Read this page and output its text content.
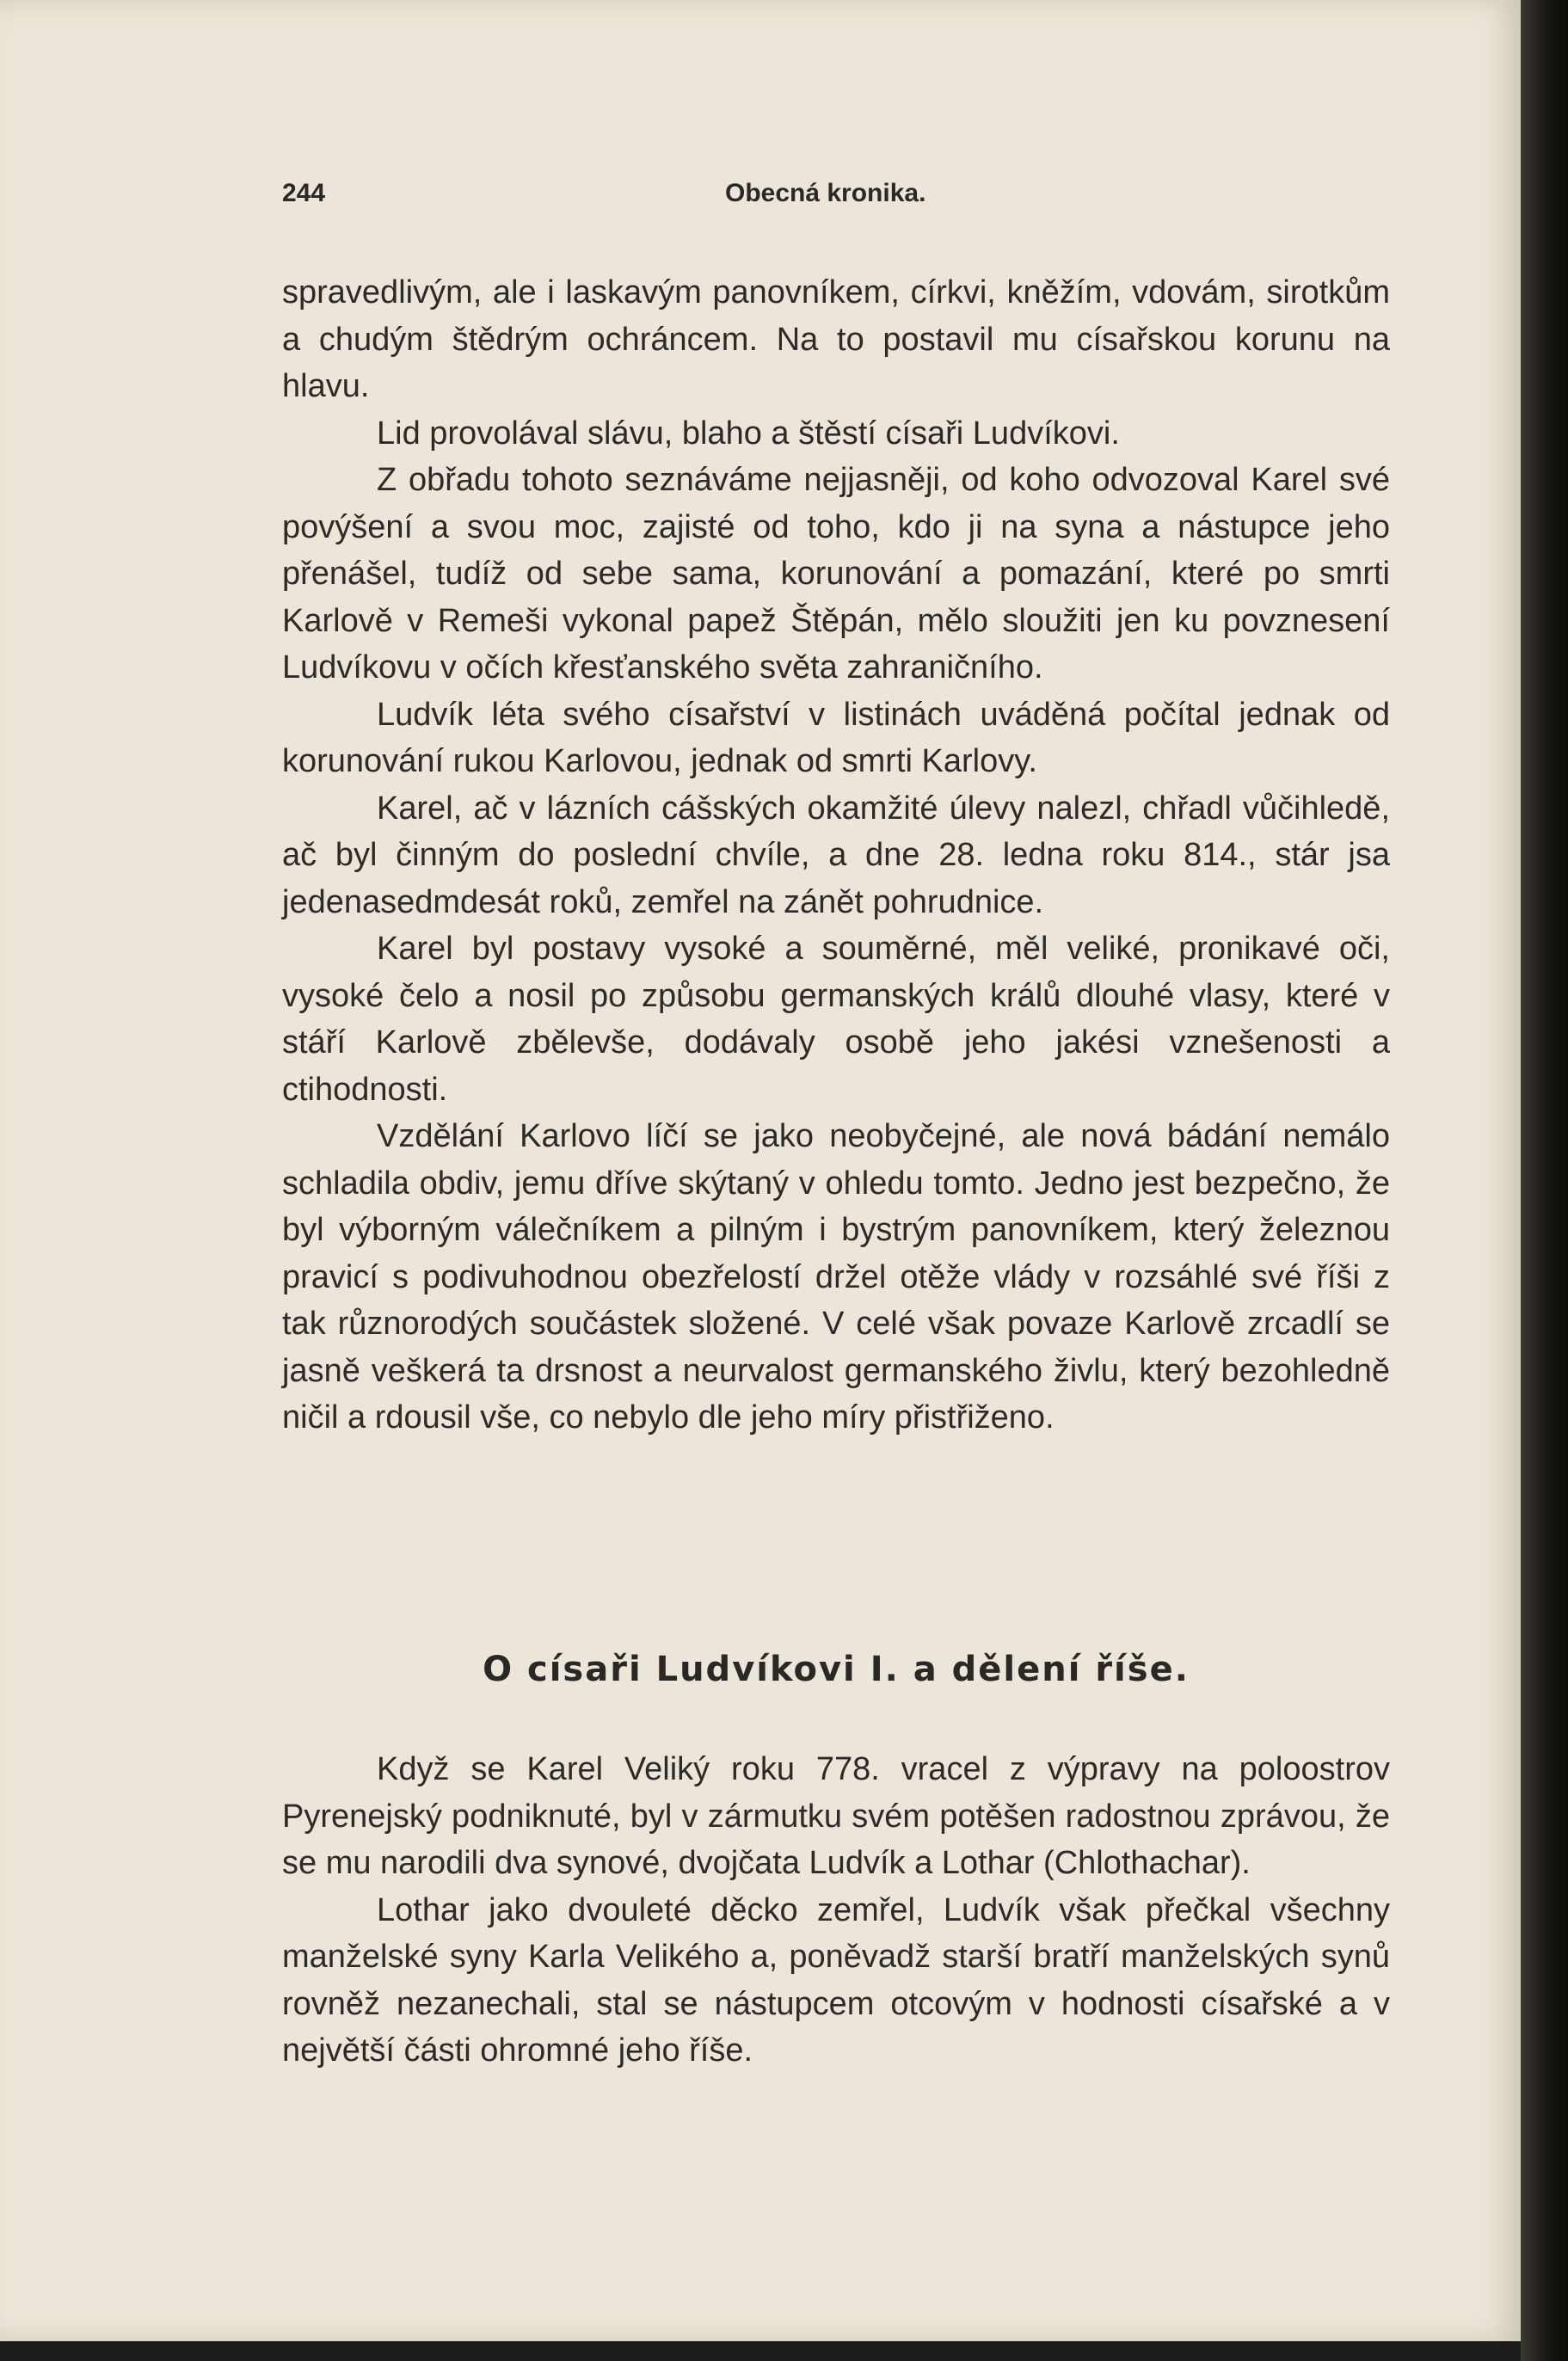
244	Obecná kronika.

spravedlivým, ale i laskavým panovníkem, církvi, kněžím, vdovám, sirotkům a chudým štědrým ochráncem. Na to postavil mu císařskou korunu na hlavu.

Lid provolával slávu, blaho a štěstí císaři Ludvíkovi.

Z obřadu tohoto seznáváme nejjasněji, od koho odvozoval Karel své povýšení a svou moc, zajisté od toho, kdo ji na syna a nástupce jeho přenášel, tudíž od sebe sama, korunování a pomazání, které po smrti Karlově v Remeši vykonal papež Štěpán, mělo sloužiti jen ku povznesení Ludvíkovu v očích křesťanského světa zahraničního.

Ludvík léta svého císařství v listinách uváděná počítal jednak od korunování rukou Karlovou, jednak od smrti Karlovy.

Karel, ač v lázních cášských okamžité úlevy nalezl, chřadl vůčihledě, ač byl činným do poslední chvíle, a dne 28. ledna roku 814., stár jsa jedenasedmdesát roků, zemřel na zánět pohrudnice.

Karel byl postavy vysoké a souměrné, měl veliké, pronikavé oči, vysoké čelo a nosil po způsobu germanských králů dlouhé vlasy, které v stáří Karlově zbělevše, dodávaly osobě jeho jakési vznešenosti a ctihodnosti.

Vzdělání Karlovo líčí se jako neobyčejné, ale nová bádání nemálo schladila obdiv, jemu dříve skýtaný v ohledu tomto. Jedno jest bezpečno, že byl výborným válečníkem a pilným i bystrým panovníkem, který železnou pravicí s podivuhodnou obezřelostí držel otěže vlády v rozsáhlé své říši z tak různorodých součástek složené. V celé však povaze Karlově zrcadlí se jasně veškerá ta drsnost a neurvalost germanského živlu, který bezohledně ničil a rdousil vše, co nebylo dle jeho míry přistřiženo.

O císaři Ludvíkovi I. a dělení říše.

Když se Karel Veliký roku 778. vracel z výpravy na poloostrov Pyrenejský podniknuté, byl v zármutku svém potěšen radostnou zprávou, že se mu narodili dva synové, dvojčata Ludvík a Lothar (Chlothachar).

Lothar jako dvouleté děcko zemřel, Ludvík však přečkal všechny manželské syny Karla Velikého a, poněvadž starší bratří manželských synů rovněž nezanechali, stal se nástupcem otcovým v hodnosti císařské a v největší části ohromné jeho říše.
